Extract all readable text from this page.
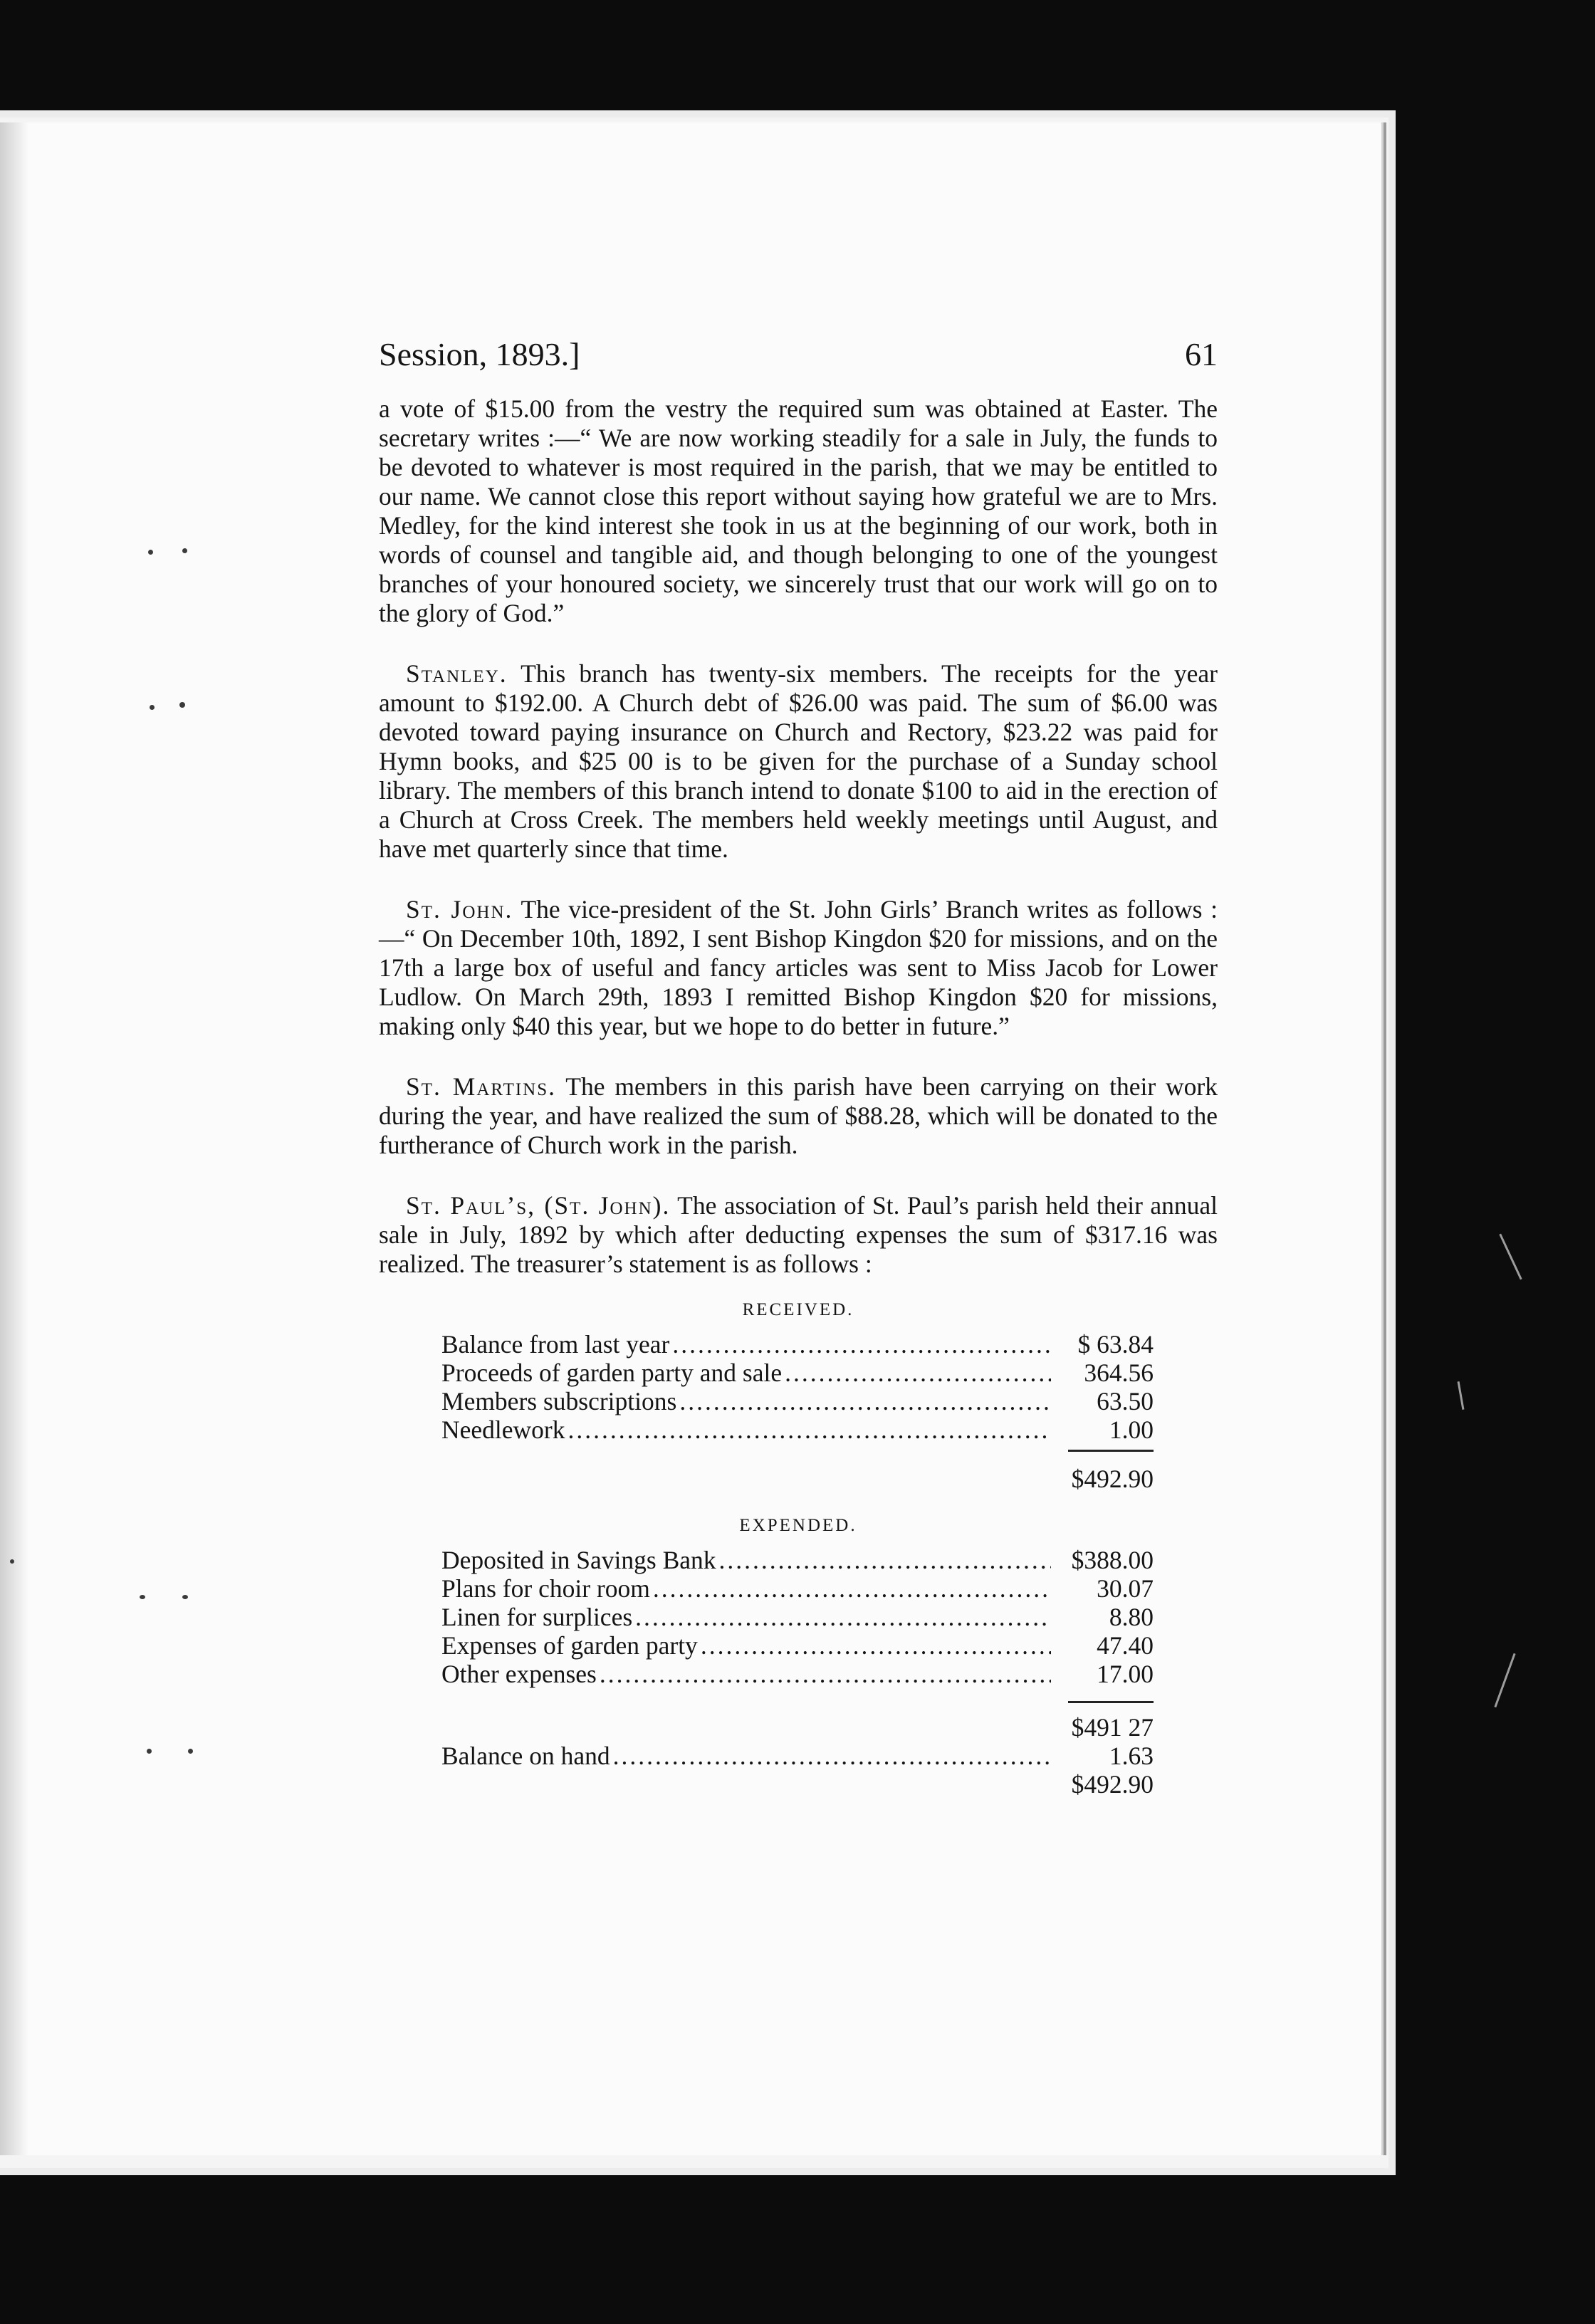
Session, 1893.]	61

a vote of $15.00 from the vestry the required sum was obtained at Easter. The secretary writes :—“ We are now working steadily for a sale in July, the funds to be devoted to whatever is most required in the parish, that we may be entitled to our name. We cannot close this report without saying how grateful we are to Mrs. Medley, for the kind interest she took in us at the beginning of our work, both in words of counsel and tangible aid, and though belonging to one of the youngest branches of your honoured society, we sincerely trust that our work will go on to the glory of God.”

Stanley. This branch has twenty-six members. The receipts for the year amount to $192.00. A Church debt of $26.00 was paid. The sum of $6.00 was devoted toward paying insurance on Church and Rectory, $23.22 was paid for Hymn books, and $25 00 is to be given for the purchase of a Sunday school library. The members of this branch intend to donate $100 to aid in the erection of a Church at Cross Creek. The members held weekly meetings until August, and have met quarterly since that time.

St. John. The vice-president of the St. John Girls’ Branch writes as follows :—“ On December 10th, 1892, I sent Bishop Kingdon $20 for missions, and on the 17th a large box of useful and fancy articles was sent to Miss Jacob for Lower Ludlow. On March 29th, 1893 I remitted Bishop Kingdon $20 for missions, making only $40 this year, but we hope to do better in future.”

St. Martins. The members in this parish have been carrying on their work during the year, and have realized the sum of $88.28, which will be donated to the furtherance of Church work in the parish.

St. Paul’s, (St. John). The association of St. Paul’s parish held their annual sale in July, 1892 by which after deducting expenses the sum of $317.16 was realized. The treasurer’s statement is as follows :

RECEIVED.
Balance from last year .....	$ 63.84
Proceeds of garden party and sale .....	364.56
Members subscriptions .....	63.50
Needlework .....	1.00
$492.90
EXPENDED.
Deposited in Savings Bank .....	$388.00
Plans for choir room .....	30.07
Linen for surplices .....	8.80
Expenses of garden party .....	47.40
Other expenses .....	17.00
$491 27
Balance on hand .....	1.63
$492.90
